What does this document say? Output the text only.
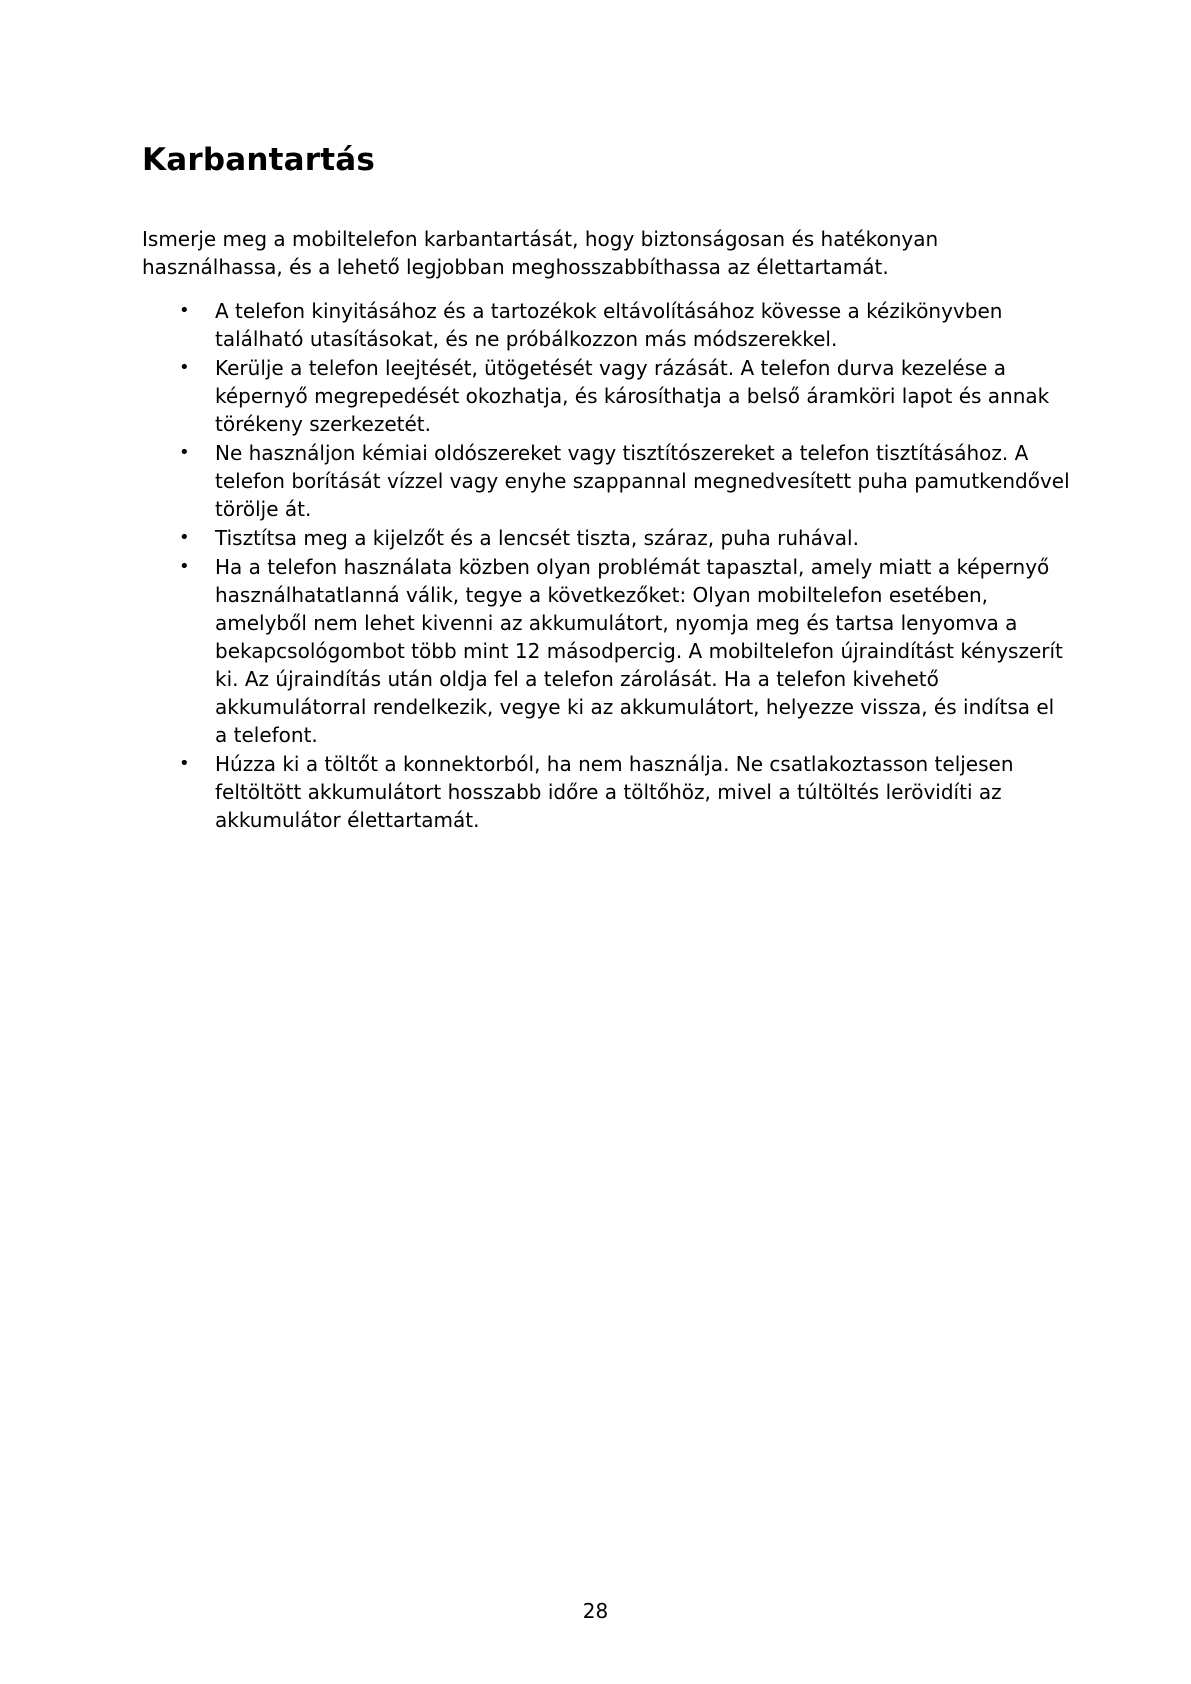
Karbantartás

Ismerje meg a mobiltelefon karbantartását, hogy biztonságosan és hatékonyan használhassa, és a lehető legjobban meghosszabbíthassa az élettartamát.

• A telefon kinyitásához és a tartozékok eltávolításához kövesse a kézikönyvben található utasításokat, és ne próbálkozzon más módszerekkel.
• Kerülje a telefon leejtését, ütögetését vagy rázását. A telefon durva kezelése a képernyő megrepedését okozhatja, és károsíthatja a belső áramköri lapot és annak törékeny szerkezetét.
• Ne használjon kémiai oldószereket vagy tisztítószereket a telefon tisztításához. A telefon borítását vízzel vagy enyhe szappannal megnedvesített puha pamutkendővel törölje át.
• Tisztítsa meg a kijelzőt és a lencsét tiszta, száraz, puha ruhával.
• Ha a telefon használata közben olyan problémát tapasztal, amely miatt a képernyő használhatatlanná válik, tegye a következőket: Olyan mobiltelefon esetében, amelyből nem lehet kivenni az akkumulátort, nyomja meg és tartsa lenyomva a bekapcsológombot több mint 12 másodpercig. A mobiltelefon újraindítást kényszerít ki. Az újraindítás után oldja fel a telefon zárolását. Ha a telefon kivehető akkumulátorral rendelkezik, vegye ki az akkumulátort, helyezze vissza, és indítsa el a telefont.
• Húzza ki a töltőt a konnektorból, ha nem használja. Ne csatlakoztasson teljesen feltöltött akkumulátort hosszabb időre a töltőhöz, mivel a túltöltés lerövidíti az akkumulátor élettartamát.
28
